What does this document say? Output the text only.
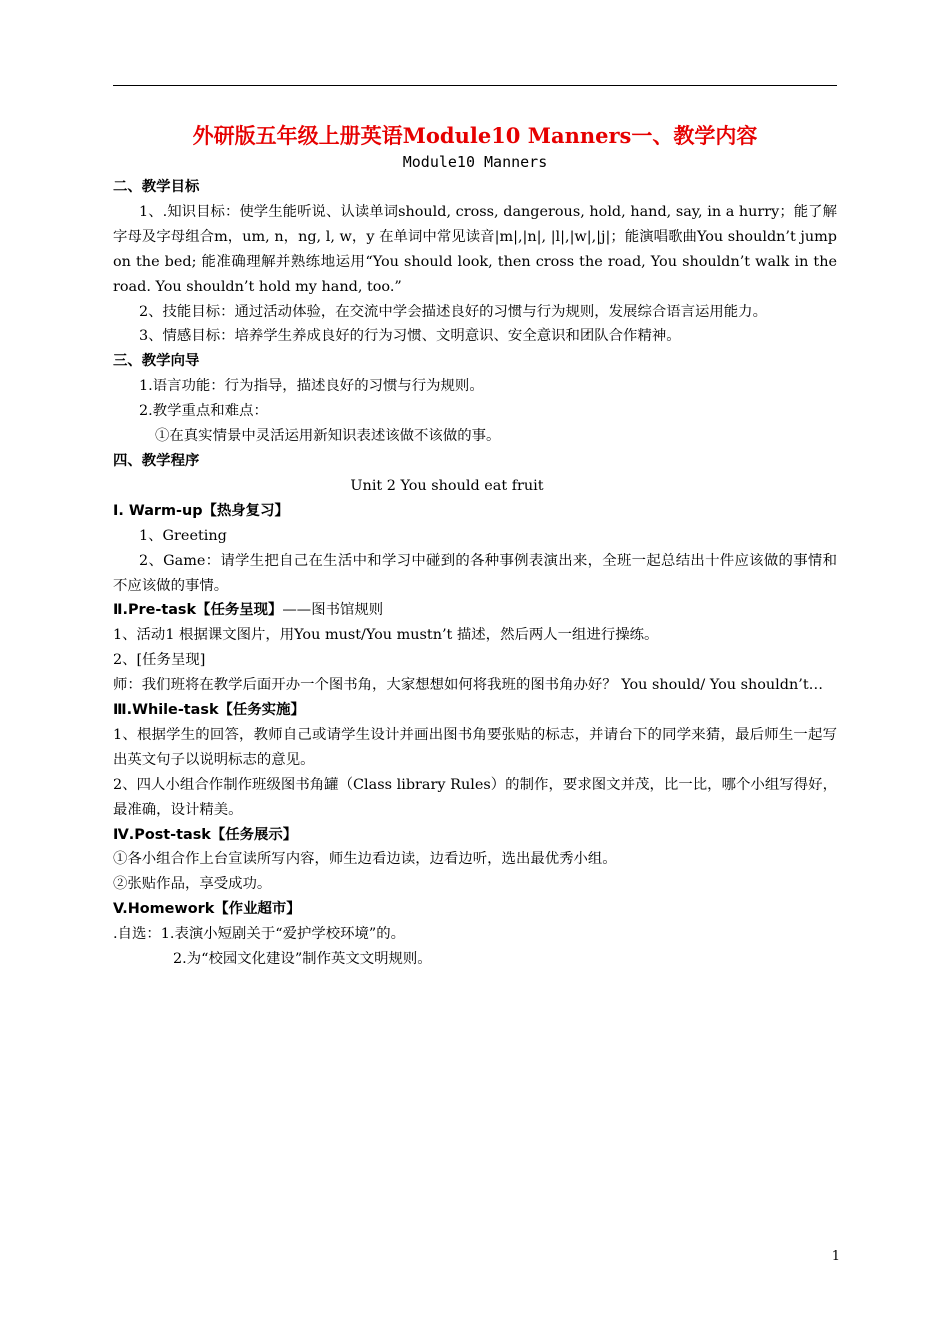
外研版五年级上册英语Module10 Manners一、教学内容
Module10 Manners

二、教学目标

1、.知识目标：使学生能听说、认读单词should, cross, dangerous, hold, hand, say, in a hurry；能了解字母及字母组合m，um, n，ng, l, w，y 在单词中常见读音|m|,|n|, |l|,|w|,|j|；能演唱歌曲You shouldn’t jump on the bed; 能准确理解并熟练地运用“You should look, then cross the road, You shouldn’t walk in the road. You shouldn’t hold my hand, too.”

2、技能目标：通过活动体验，在交流中学会描述良好的习惯与行为规则，发展综合语言运用能力。

3、情感目标：培养学生养成良好的行为习惯、文明意识、安全意识和团队合作精神。

三、教学向导

1.语言功能：行为指导，描述良好的习惯与行为规则。

2.教学重点和难点：

①在真实情景中灵活运用新知识表述该做不该做的事。

四、教学程序

Unit 2 You should eat fruit

Ⅰ. Warm-up【热身复习】

1、Greeting

2、Game：请学生把自己在生活中和学习中碰到的各种事例表演出来，全班一起总结出十件应该做的事情和不应该做的事情。

Ⅱ.Pre-task【任务呈现】——图书馆规则

1、活动1 根据课文图片，用You must/You mustn’t 描述，然后两人一组进行操练。

2、[任务呈现]

师：我们班将在教学后面开办一个图书角，大家想想如何将我班的图书角办好？ You should/ You shouldn’t…

Ⅲ.While-task【任务实施】

1、根据学生的回答，教师自己或请学生设计并画出图书角要张贴的标志，并请台下的同学来猜，最后师生一起写出英文句子以说明标志的意见。

2、四人小组合作制作班级图书角罐（Class library Rules）的制作，要求图文并茂，比一比，哪个小组写得好，最准确，设计精美。

Ⅳ.Post-task【任务展示】

①各小组合作上台宣读所写内容，师生边看边读，边看边听，选出最优秀小组。

②张贴作品，享受成功。

V.Homework【作业超市】

.自选：1.表演小短剧关于“爱护学校环境”的。

2.为“校园文化建设”制作英文文明规则。

1
